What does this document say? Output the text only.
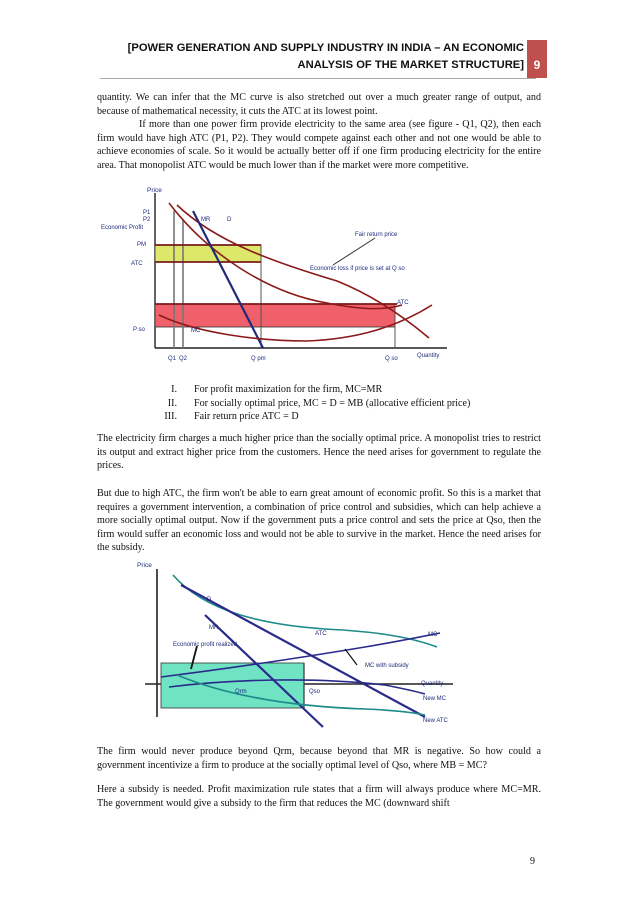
[POWER GENERATION AND SUPPLY INDUSTRY IN INDIA – AN ECONOMIC
ANALYSIS OF THE MARKET STRUCTURE] 9
quantity. We can infer that the MC curve is also stretched out over a much greater range of output, and because of mathematical necessity, it cuts the ATC at its lowest point.
If more than one power firm provide electricity to the same area (see figure - Q1, Q2), then each firm would have high ATC (P1, P2). They would compete against each other and not one would be able to achieve economies of scale. So it would be actually better off if one firm producing electricity for the entire area. That monopolist ATC would be much lower than if the market were more competitive.
Price
P1
P2
Economic Profit
PM
ATC
P so
MR	D
Fair return price
Economic loss if price is set at Q so
ATC
MC
Q1 Q2	Q pm	Q so	Quantity
I. For profit maximization for the firm, MC=MR
II. For socially optimal price, MC = D = MB (allocative efficient price)
III. Fair return price ATC = D
The electricity firm charges a much higher price than the socially optimal price. A monopolist tries to restrict its output and extract higher price from the customers. Hence the need arises for government to regulate the prices.
But due to high ATC, the firm won't be able to earn great amount of economic profit. So this is a market that requires a government intervention, a combination of price control and subsidies, which can help achieve a more socially optimal output. Now if the government puts a price control and sets the price at Qso, then the firm would suffer an economic loss and would not be able to survive in the market. Hence the need arises for the subsidy.
Price
D
MR
ATC	MC
Economic profit realized
MC with subsidy
Qrm	Qso
Quantity
New MC
New ATC
The firm would never produce beyond Qrm, because beyond that MR is negative. So how could a government incentivize a firm to produce at the socially optimal level of Qso, where MB = MC?
Here a subsidy is needed. Profit maximization rule states that a firm will always produce where MC=MR. The government would give a subsidy to the firm that reduces the MC (downward shift
9
